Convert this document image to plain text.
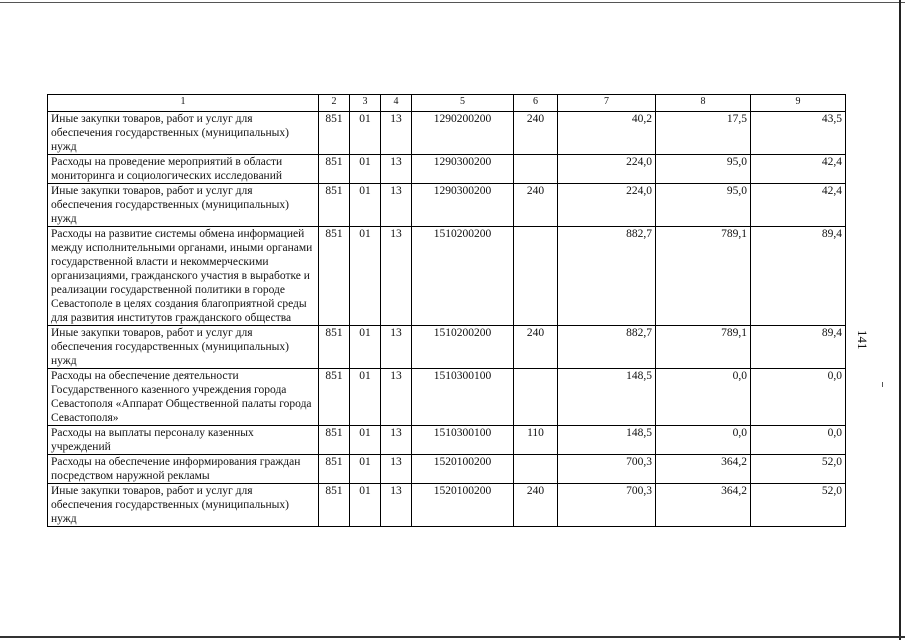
141
1	2	3	4	5	6	7	8	9
Иные закупки товаров, работ и услуг для обеспечения государственных (муниципальных) нужд	851	01	13	1290200200	240	40,2	17,5	43,5
Расходы на проведение мероприятий в области мониторинга и социологических исследований	851	01	13	1290300200		224,0	95,0	42,4
Иные закупки товаров, работ и услуг для обеспечения государственных (муниципальных) нужд	851	01	13	1290300200	240	224,0	95,0	42,4
Расходы на развитие системы обмена информацией между исполнительными органами, иными органами государственной власти и некоммерческими организациями, гражданского участия в выработке и реализации государственной политики в городе Севастополе в целях создания благоприятной среды для развития институтов гражданского общества	851	01	13	1510200200		882,7	789,1	89,4
Иные закупки товаров, работ и услуг для обеспечения государственных (муниципальных) нужд	851	01	13	1510200200	240	882,7	789,1	89,4
Расходы на обеспечение деятельности Государственного казенного учреждения города Севастополя «Аппарат Общественной палаты города Севастополя»	851	01	13	1510300100		148,5	0,0	0,0
Расходы на выплаты персоналу казенных учреждений	851	01	13	1510300100	110	148,5	0,0	0,0
Расходы на обеспечение информирования граждан посредством наружной рекламы	851	01	13	1520100200		700,3	364,2	52,0
Иные закупки товаров, работ и услуг для обеспечения государственных (муниципальных) нужд	851	01	13	1520100200	240	700,3	364,2	52,0
